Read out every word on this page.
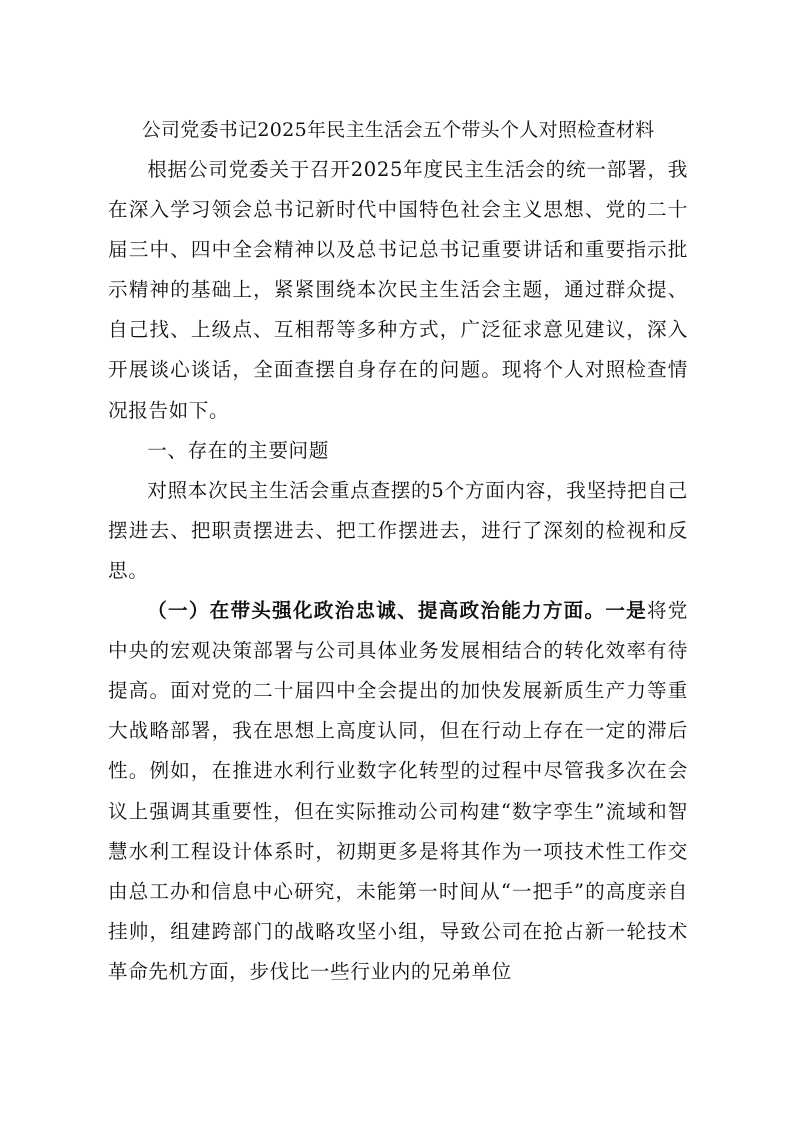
公司党委书记2025年民主生活会五个带头个人对照检查材料

根据公司党委关于召开2025年度民主生活会的统一部署，我在深入学习领会总书记新时代中国特色社会主义思想、党的二十届三中、四中全会精神以及总书记总书记重要讲话和重要指示批示精神的基础上，紧紧围绕本次民主生活会主题，通过群众提、自己找、上级点、互相帮等多种方式，广泛征求意见建议，深入开展谈心谈话，全面查摆自身存在的问题。现将个人对照检查情况报告如下。

一、存在的主要问题

对照本次民主生活会重点查摆的5个方面内容，我坚持把自己摆进去、把职责摆进去、把工作摆进去，进行了深刻的检视和反思。

（一）在带头强化政治忠诚、提高政治能力方面。一是将党中央的宏观决策部署与公司具体业务发展相结合的转化效率有待提高。面对党的二十届四中全会提出的加快发展新质生产力等重大战略部署，我在思想上高度认同，但在行动上存在一定的滞后性。例如，在推进水利行业数字化转型的过程中尽管我多次在会议上强调其重要性，但在实际推动公司构建“数字孪生”流域和智慧水利工程设计体系时，初期更多是将其作为一项技术性工作交由总工办和信息中心研究，未能第一时间从“一把手”的高度亲自挂帅，组建跨部门的战略攻坚小组，导致公司在抢占新一轮技术革命先机方面，步伐比一些行业内的兄弟单位
